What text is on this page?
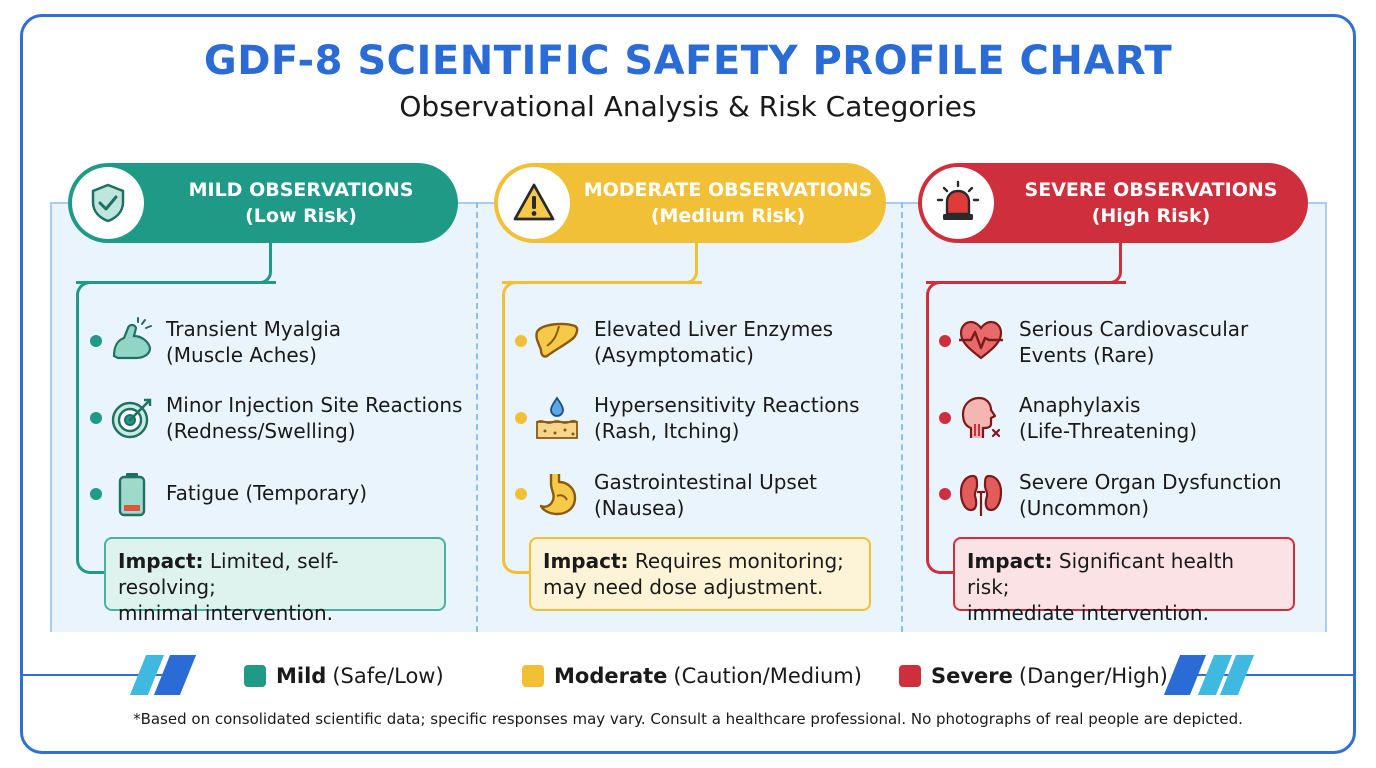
GDF-8 SCIENTIFIC SAFETY PROFILE CHART
Observational Analysis & Risk Categories
MILD OBSERVATIONS
(Low Risk)
Transient Myalgia
(Muscle Aches)
Minor Injection Site Reactions
(Redness/Swelling)
Fatigue (Temporary)
Impact: Limited, self-resolving;
minimal intervention.
MODERATE OBSERVATIONS
(Medium Risk)
Elevated Liver Enzymes
(Asymptomatic)
Hypersensitivity Reactions
(Rash, Itching)
Gastrointestinal Upset
(Nausea)
Impact: Requires monitoring;
may need dose adjustment.
SEVERE OBSERVATIONS
(High Risk)
Serious Cardiovascular
Events (Rare)
Anaphylaxis
(Life-Threatening)
Severe Organ Dysfunction
(Uncommon)
Impact: Significant health risk;
immediate intervention.
Mild (Safe/Low)	Moderate (Caution/Medium)	Severe (Danger/High)
*Based on consolidated scientific data; specific responses may vary. Consult a healthcare professional. No photographs of real people are depicted.
